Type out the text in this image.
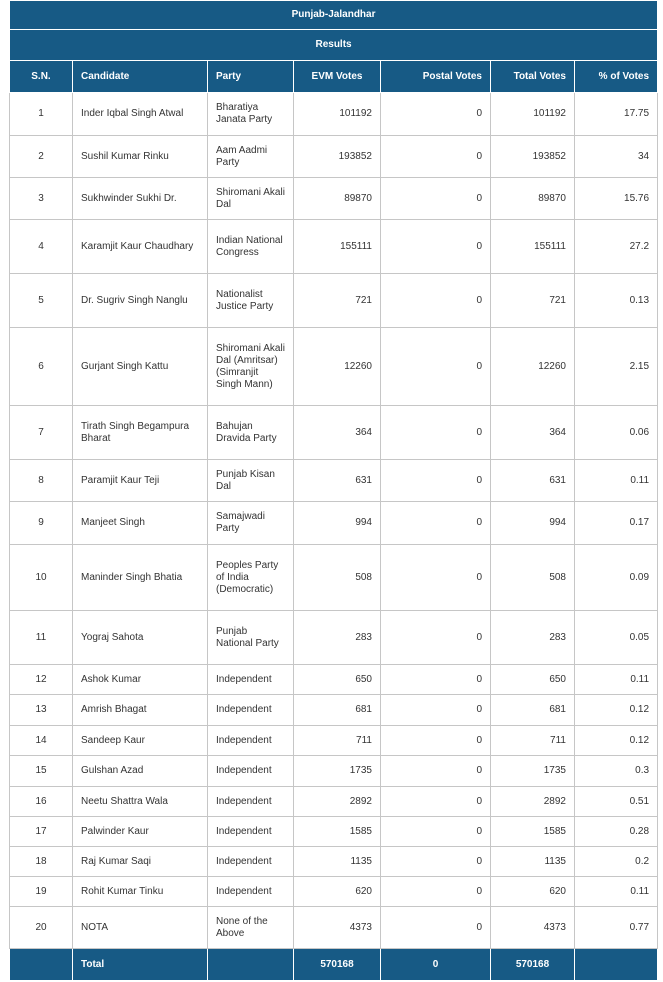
Punjab-Jalandhar						
Results						
S.N.	Candidate	Party	EVM Votes	Postal Votes	Total Votes	% of Votes
1	Inder Iqbal Singh Atwal	Bharatiya Janata Party	101192	0	101192	17.75
2	Sushil Kumar Rinku	Aam Aadmi Party	193852	0	193852	34
3	Sukhwinder Sukhi Dr.	Shiromani Akali Dal	89870	0	89870	15.76
4	Karamjit Kaur Chaudhary	Indian National Congress	155111	0	155111	27.2
5	Dr. Sugriv Singh Nanglu	Nationalist Justice Party	721	0	721	0.13
6	Gurjant Singh Kattu	Shiromani Akali Dal (Amritsar) (Simranjit Singh Mann)	12260	0	12260	2.15
7	Tirath Singh Begampura Bharat	Bahujan Dravida Party	364	0	364	0.06
8	Paramjit Kaur Teji	Punjab Kisan Dal	631	0	631	0.11
9	Manjeet Singh	Samajwadi Party	994	0	994	0.17
10	Maninder Singh Bhatia	Peoples Party of India (Democratic)	508	0	508	0.09
11	Yograj Sahota	Punjab National Party	283	0	283	0.05
12	Ashok Kumar	Independent	650	0	650	0.11
13	Amrish Bhagat	Independent	681	0	681	0.12
14	Sandeep Kaur	Independent	711	0	711	0.12
15	Gulshan Azad	Independent	1735	0	1735	0.3
16	Neetu Shattra Wala	Independent	2892	0	2892	0.51
17	Palwinder Kaur	Independent	1585	0	1585	0.28
18	Raj Kumar Saqi	Independent	1135	0	1135	0.2
19	Rohit Kumar Tinku	Independent	620	0	620	0.11
20	NOTA	None of the Above	4373	0	4373	0.77
	Total		570168	0	570168	
